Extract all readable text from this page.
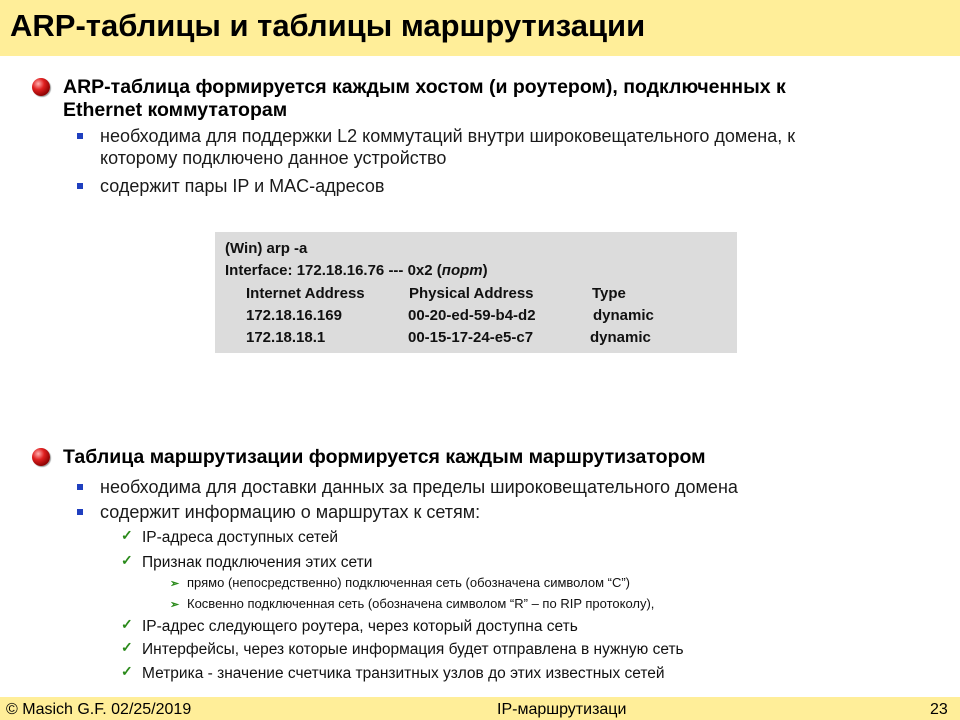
ARP-таблицы и таблицы маршрутизации
ARP-таблица формируется каждым хостом (и роутером), подключенных к
Ethernet коммутаторам
необходима для поддержки L2 коммутаций внутри широковещательного домена, к
которому подключено данное устройство
содержит пары IP и MAC-адресов
(Win) arp -a
Interface: 172.18.16.76 --- 0x2 (порт)
Internet Address	Physical Address	Type
172.18.16.169	00-20-ed-59-b4-d2	dynamic
172.18.18.1	00-15-17-24-e5-c7	dynamic
Таблица маршрутизации формируется каждым маршрутизатором
необходима для доставки данных за пределы широковещательного домена
содержит информацию о маршрутах к сетям:
✓ IP-адреса доступных сетей
✓ Признак подключения этих сети
➢ прямо (непосредственно) подключенная сеть (обозначена символом “С”)
➢ Косвенно подключенная сеть (обозначена символом “R” – по RIP протоколу),
✓ IP-адрес следующего роутера, через который доступна сеть
✓ Интерфейсы, через которые информация будет отправлена в нужную сеть
✓ Метрика - значение счетчика транзитных узлов до этих известных сетей
© Masich G.F. 02/25/2019	IP-маршрутизаци	23
